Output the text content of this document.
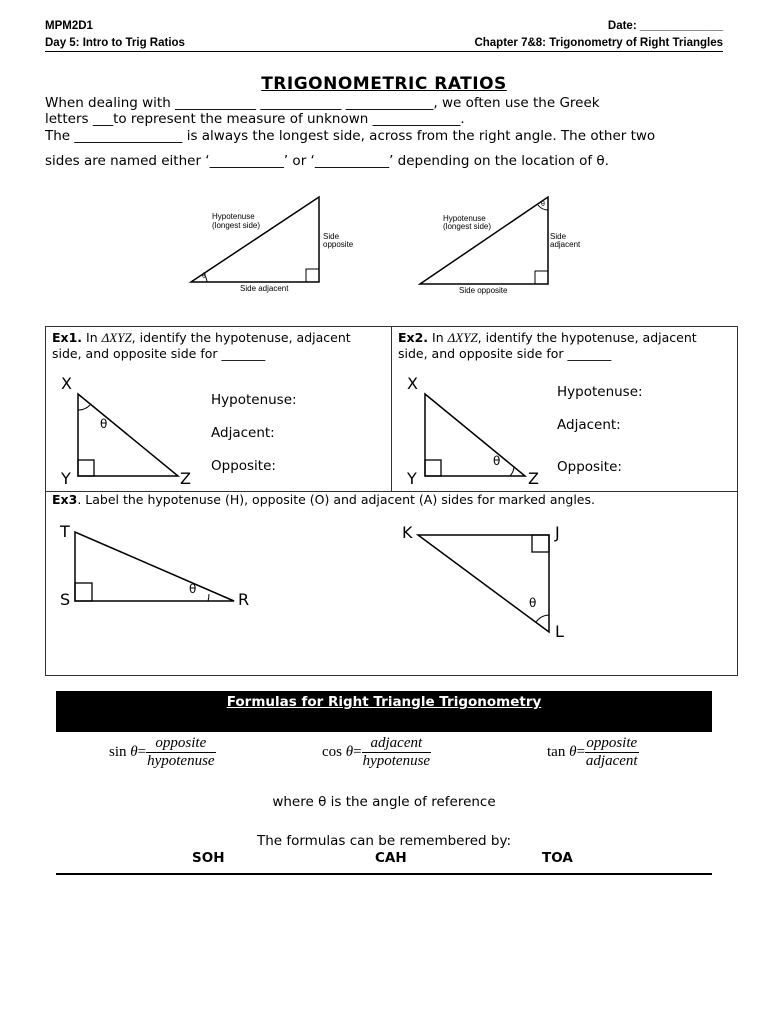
MPM2D1	Date: _____________
Day 5: Intro to Trig Ratios	Chapter 7&8: Trigonometry of Right Triangles
TRIGONOMETRIC RATIOS
When dealing with ____________ ____________ _____________, we often use the Greek
letters ___to represent the measure of unknown _____________.
The ________________ is always the longest side, across from the right angle. The other two
sides are named either ‘___________’ or ‘___________’ depending on the location of θ.
Hypotenuse
(longest side)
Side
opposite
Side adjacent
θ
Hypotenuse
(longest side)
Side
adjacent
Side opposite
θ
Ex1. In ΔXYZ, identify the hypotenuse, adjacent
side, and opposite side for _______
X
Y	Z
θ
Hypotenuse:
Adjacent:
Opposite:
Ex2. In ΔXYZ, identify the hypotenuse, adjacent
side, and opposite side for _______
X
Y	Z
θ
Hypotenuse:
Adjacent:
Opposite:
Ex3. Label the hypotenuse (H), opposite (O) and adjacent (A) sides for marked angles.
T
S	R
θ
K	J
L
θ
Formulas for Right Triangle Trigonometry
$\sin \theta= \frac{\text{opposite}}{\text{hypotenuse}}$	$\cos \theta= \frac{\text{adjacent}}{\text{hypotenuse}}$	$\tan \theta= \frac{\text{opposite}}{\text{adjacent}}$
where θ is the angle of reference
The formulas can be remembered by:
SOH	CAH	TOA
